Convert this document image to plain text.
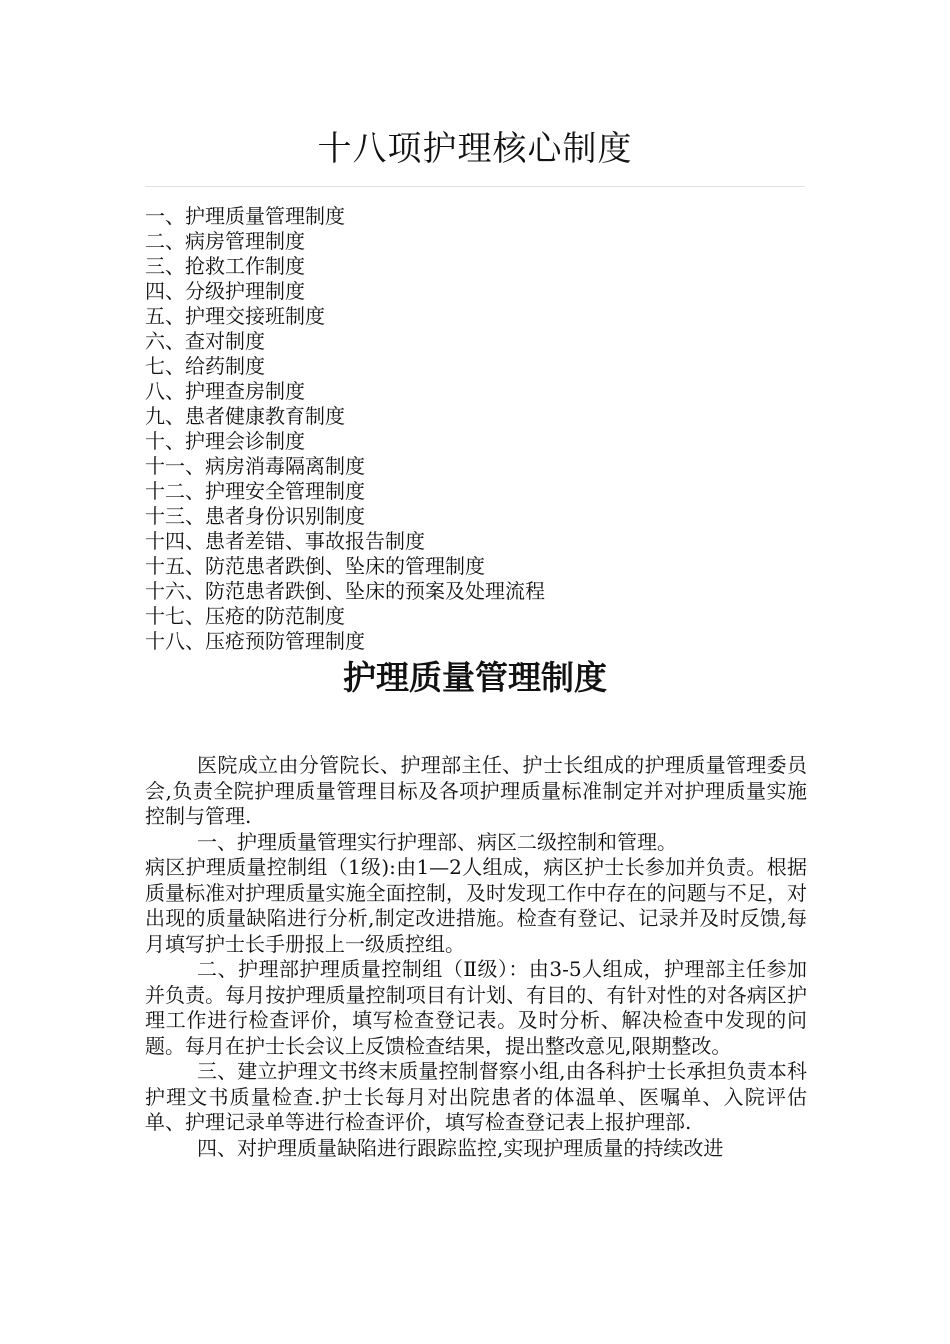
十八项护理核心制度
一、护理质量管理制度
二、病房管理制度
三、抢救工作制度
四、分级护理制度
五、护理交接班制度
六、查对制度
七、给药制度
八、护理查房制度
九、患者健康教育制度
十、护理会诊制度
十一、病房消毒隔离制度
十二、护理安全管理制度
十三、患者身份识别制度
十四、患者差错、事故报告制度
十五、防范患者跌倒、坠床的管理制度
十六、防范患者跌倒、坠床的预案及处理流程
十七、压疮的防范制度
十八、压疮预防管理制度
护理质量管理制度

医院成立由分管院长、护理部主任、护士长组成的护理质量管理委员会,负责全院护理质量管理目标及各项护理质量标准制定并对护理质量实施控制与管理.

一、护理质量管理实行护理部、病区二级控制和管理。

病区护理质量控制组（1级):由1—2人组成，病区护士长参加并负责。根据质量标准对护理质量实施全面控制，及时发现工作中存在的问题与不足，对出现的质量缺陷进行分析,制定改进措施。检查有登记、记录并及时反馈,每月填写护士长手册报上一级质控组。

二、护理部护理质量控制组（Ⅱ级）：由3-5人组成，护理部主任参加并负责。每月按护理质量控制项目有计划、有目的、有针对性的对各病区护理工作进行检查评价，填写检查登记表。及时分析、解决检查中发现的问题。每月在护士长会议上反馈检查结果，提出整改意见,限期整改。

三、建立护理文书终末质量控制督察小组,由各科护士长承担负责本科护理文书质量检查.护士长每月对出院患者的体温单、医嘱单、入院评估单、护理记录单等进行检查评价，填写检查登记表上报护理部.

四、对护理质量缺陷进行跟踪监控,实现护理质量的持续改进
